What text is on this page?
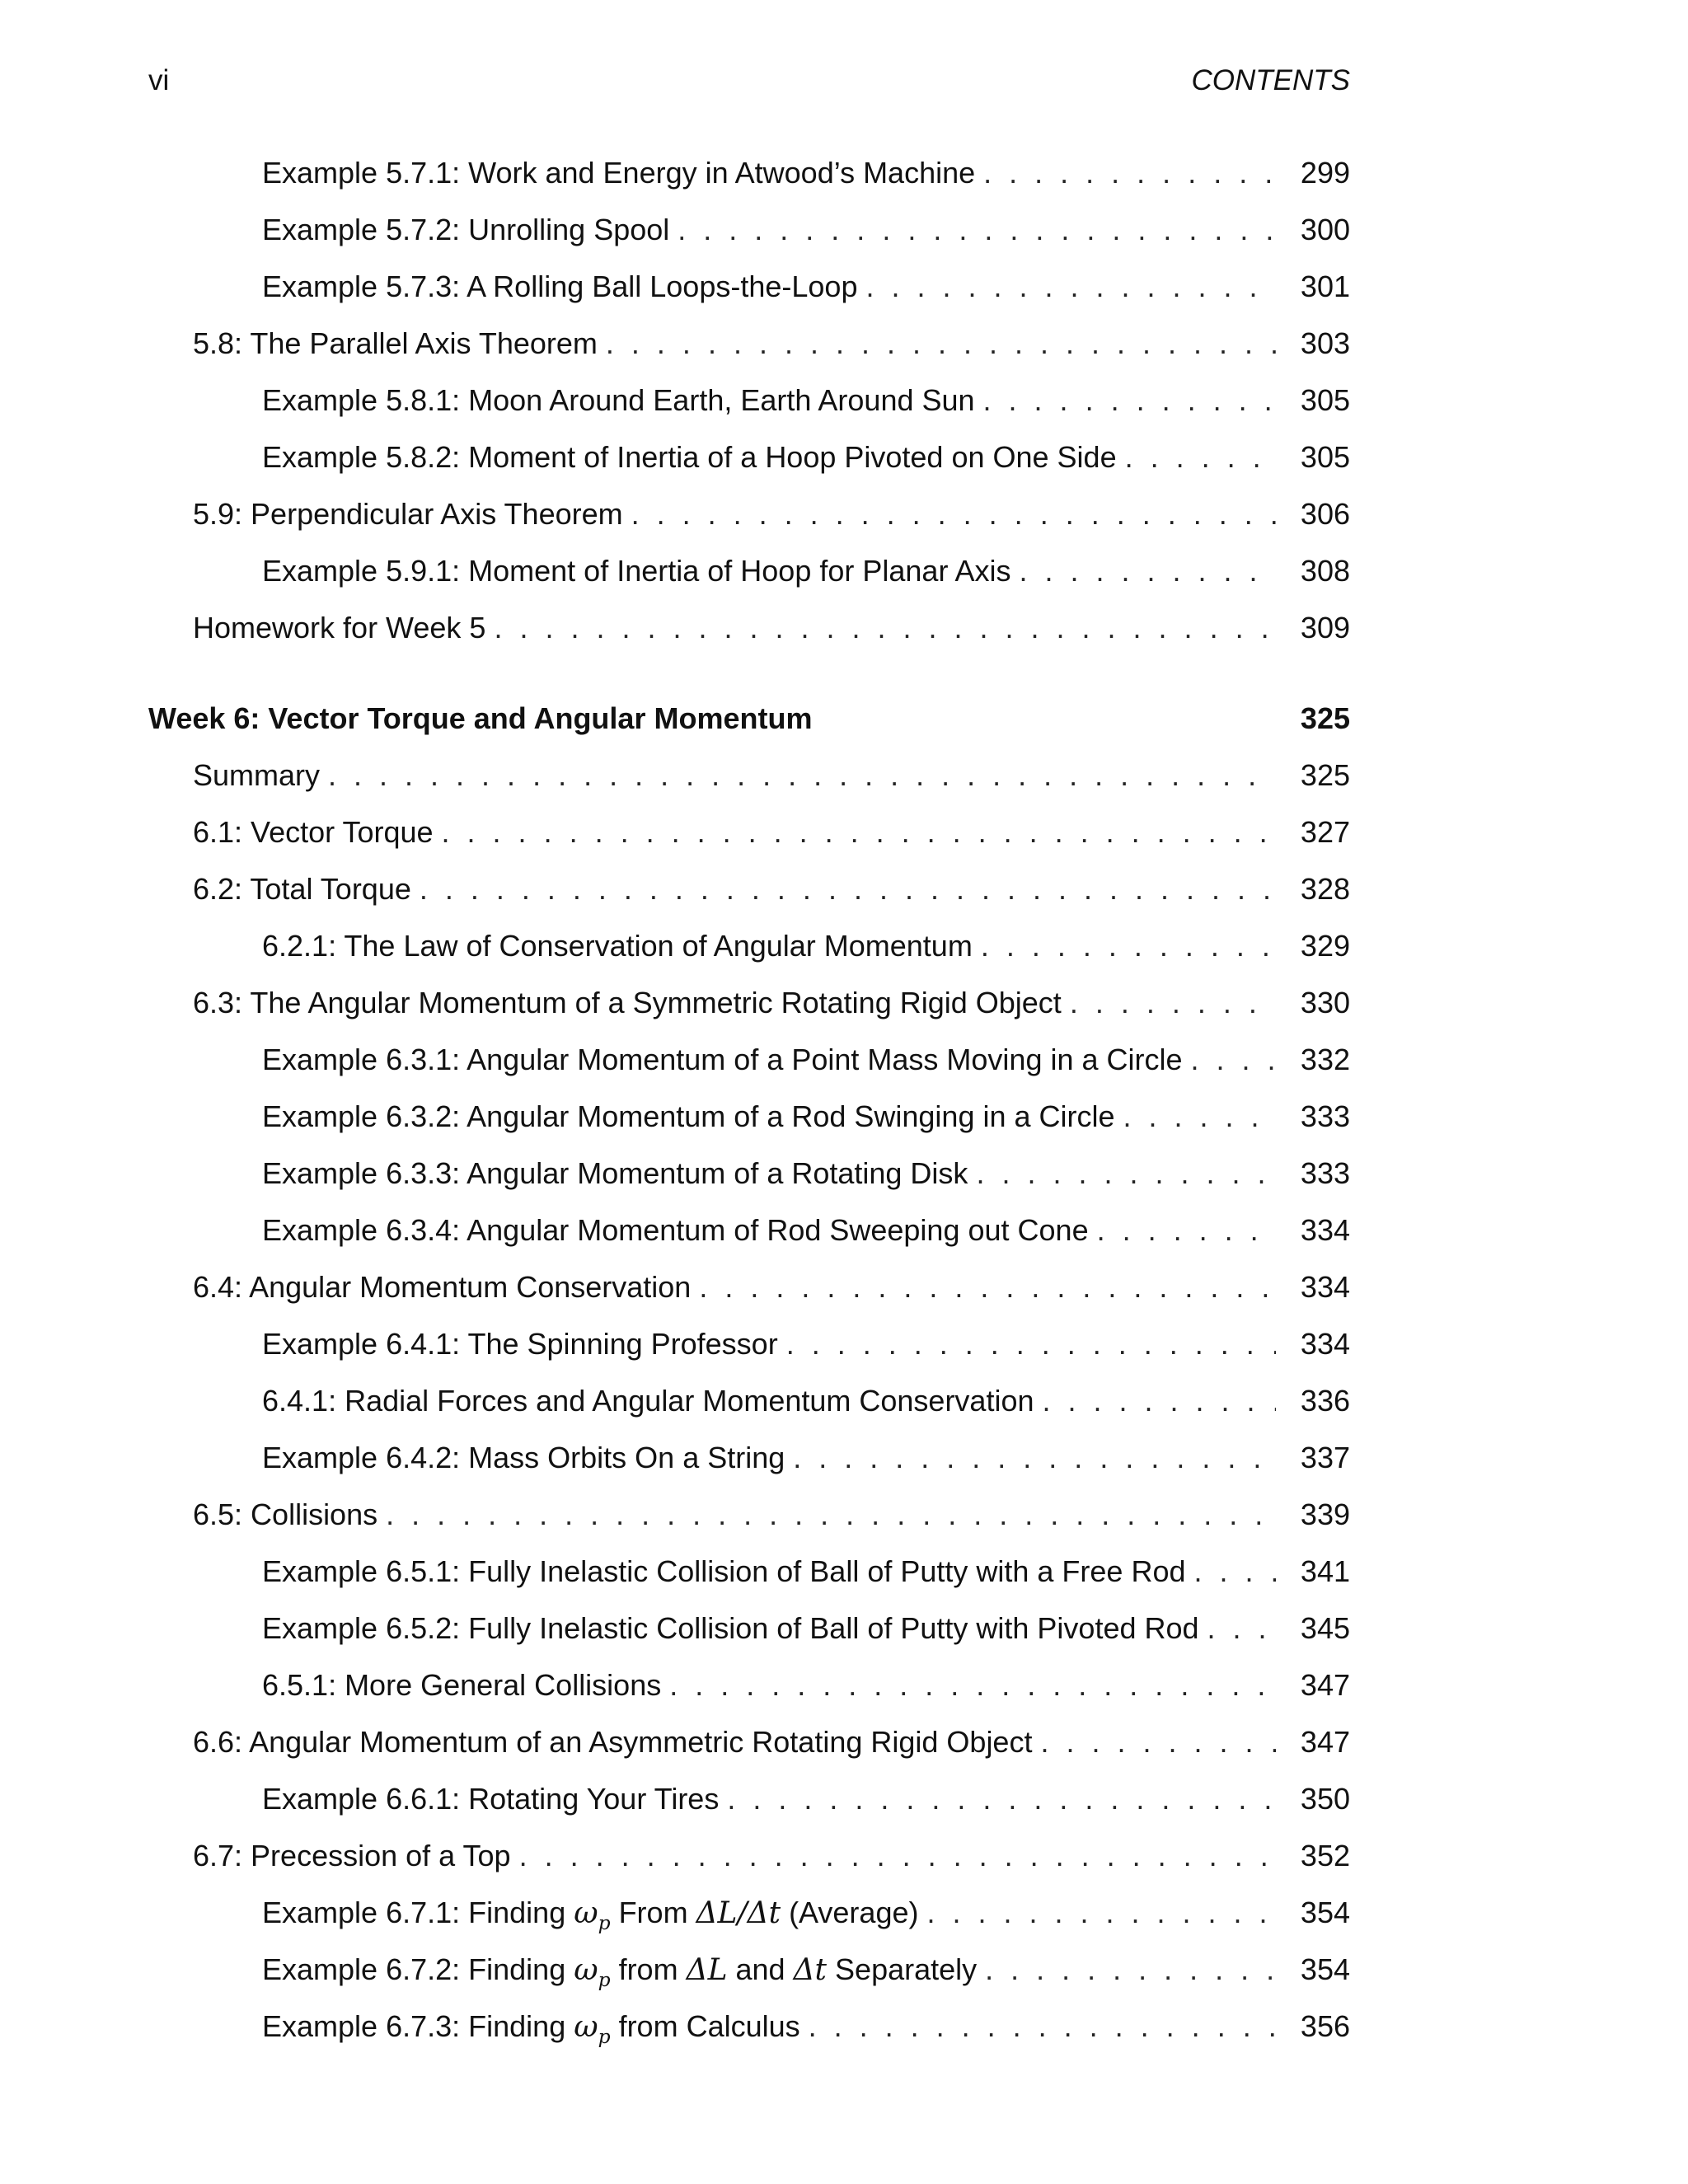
vi	CONTENTS
Example 5.7.1: Work and Energy in Atwood’s Machine . . .	299
Example 5.7.2: Unrolling Spool . . .	300
Example 5.7.3: A Rolling Ball Loops-the-Loop . . .	301
5.8: The Parallel Axis Theorem . . .	303
Example 5.8.1: Moon Around Earth, Earth Around Sun . . .	305
Example 5.8.2: Moment of Inertia of a Hoop Pivoted on One Side . . .	305
5.9: Perpendicular Axis Theorem . . .	306
Example 5.9.1: Moment of Inertia of Hoop for Planar Axis . . .	308
Homework for Week 5 . . .	309
Week 6: Vector Torque and Angular Momentum	325
Summary . . .	325
6.1: Vector Torque . . .	327
6.2: Total Torque . . .	328
6.2.1: The Law of Conservation of Angular Momentum . . .	329
6.3: The Angular Momentum of a Symmetric Rotating Rigid Object . . .	330
Example 6.3.1: Angular Momentum of a Point Mass Moving in a Circle . . .	332
Example 6.3.2: Angular Momentum of a Rod Swinging in a Circle . . .	333
Example 6.3.3: Angular Momentum of a Rotating Disk . . .	333
Example 6.3.4: Angular Momentum of Rod Sweeping out Cone . . .	334
6.4: Angular Momentum Conservation . . .	334
Example 6.4.1: The Spinning Professor . . .	334
6.4.1: Radial Forces and Angular Momentum Conservation . . .	336
Example 6.4.2: Mass Orbits On a String . . .	337
6.5: Collisions . . .	339
Example 6.5.1: Fully Inelastic Collision of Ball of Putty with a Free Rod . . .	341
Example 6.5.2: Fully Inelastic Collision of Ball of Putty with Pivoted Rod . . .	345
6.5.1: More General Collisions . . .	347
6.6: Angular Momentum of an Asymmetric Rotating Rigid Object . . .	347
Example 6.6.1: Rotating Your Tires . . .	350
6.7: Precession of a Top . . .	352
Example 6.7.1: Finding $\omega_p$ From ΔL/Δt (Average) . . .	354
Example 6.7.2: Finding $\omega_p$ from ΔL and Δt Separately . . .	354
Example 6.7.3: Finding $\omega_p$ from Calculus . . .	356
